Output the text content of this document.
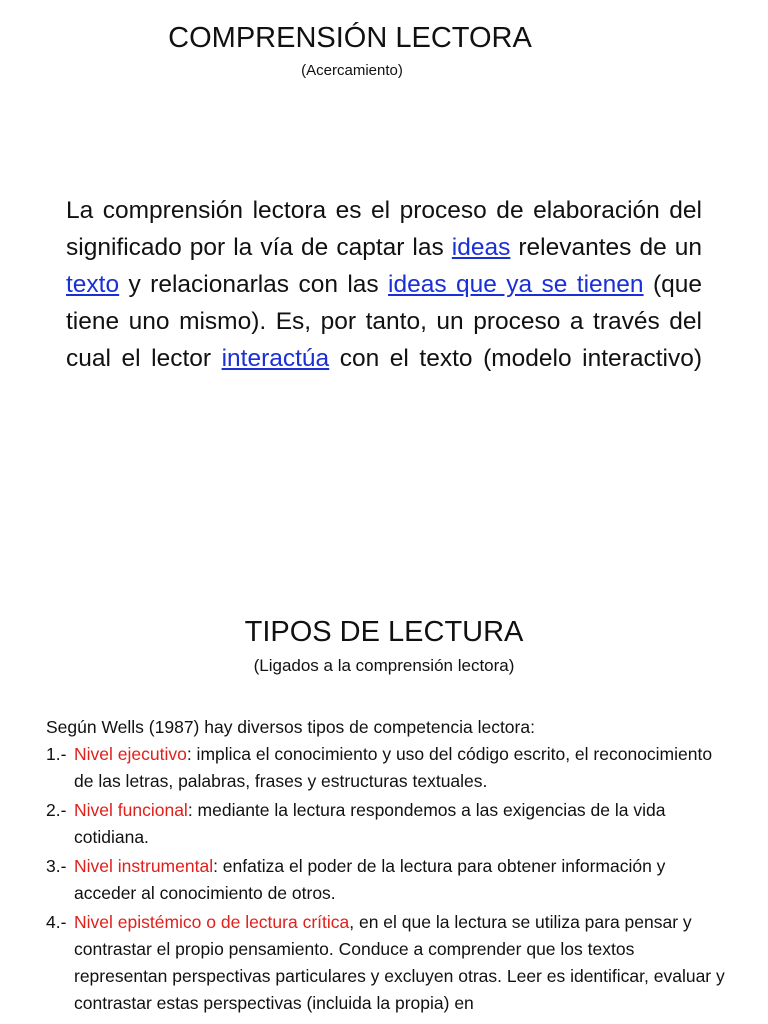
COMPRENSIÓN LECTORA
(Acercamiento)
La comprensión lectora es el proceso de elaboración del significado por la vía de captar las ideas relevantes de un texto y relacionarlas con las ideas que ya se tienen (que tiene uno mismo). Es, por tanto, un proceso a través del cual el lector interactúa con el texto (modelo interactivo)
TIPOS DE LECTURA
(Ligados a la comprensión lectora)

Según Wells (1987) hay diversos tipos de competencia lectora:

1.- Nivel ejecutivo: implica el conocimiento y uso del código escrito, el reconocimiento de las letras, palabras, frases y estructuras textuales.
2.- Nivel funcional: mediante la lectura respondemos a las exigencias de la vida cotidiana.
3.- Nivel instrumental: enfatiza el poder de la lectura para obtener información y acceder al conocimiento de otros.
4.- Nivel epistémico o de lectura crítica, en el que la lectura se utiliza para pensar y contrastar el propio pensamiento. Conduce a comprender que los textos representan perspectivas particulares y excluyen otras. Leer es identificar, evaluar y contrastar estas perspectivas (incluida la propia) en
